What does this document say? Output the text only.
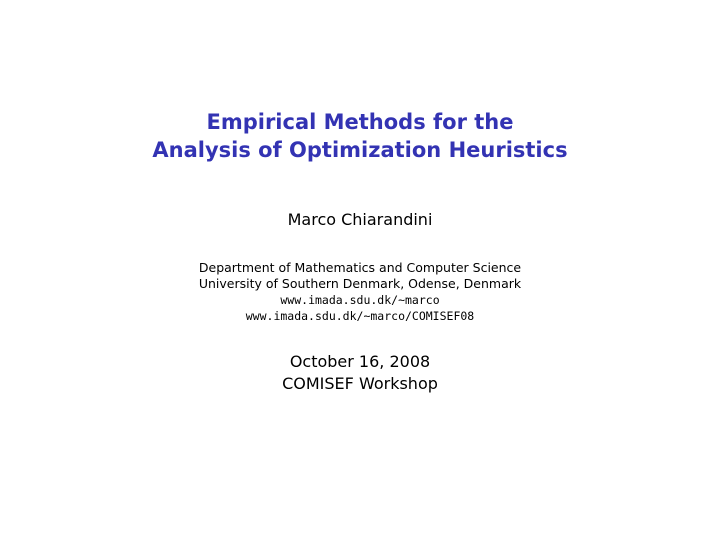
Empirical Methods for the
Analysis of Optimization Heuristics
Marco Chiarandini
Department of Mathematics and Computer Science
University of Southern Denmark, Odense, Denmark
www.imada.sdu.dk/~marco
www.imada.sdu.dk/~marco/COMISEF08
October 16, 2008
COMISEF Workshop
